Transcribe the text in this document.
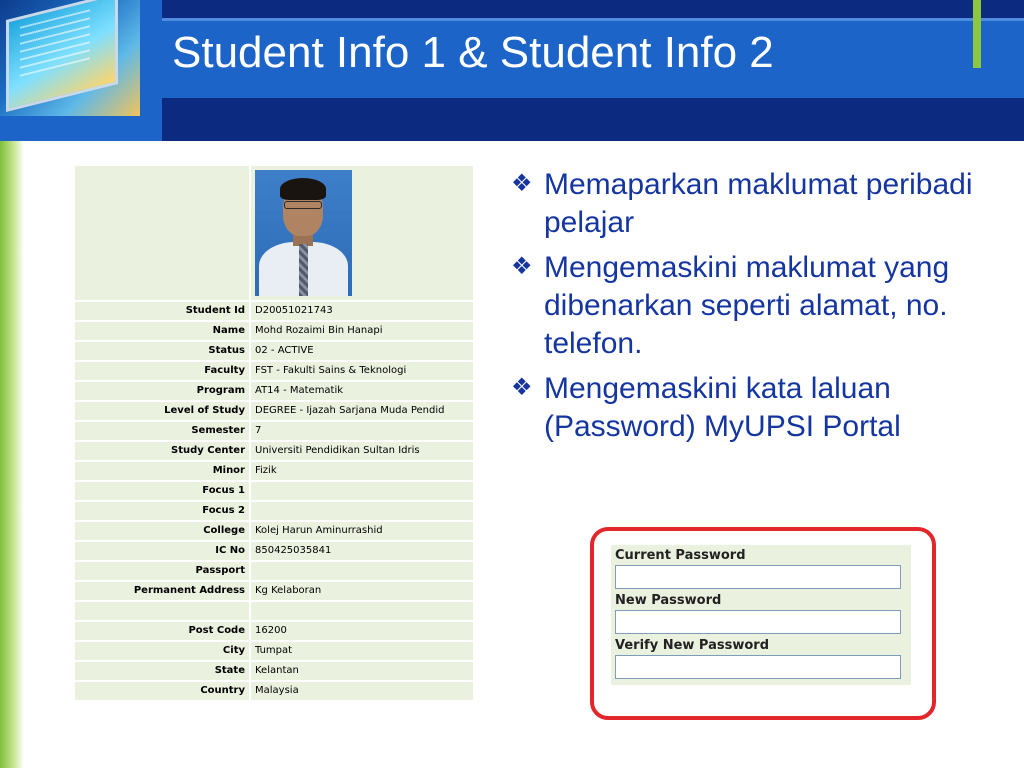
Student Info 1 & Student Info 2
Student Id	D20051021743
Name	Mohd Rozaimi Bin Hanapi
Status	02 - ACTIVE
Faculty	FST - Fakulti Sains & Teknologi
Program	AT14 - Matematik
Level of Study	DEGREE - Ijazah Sarjana Muda Pendid
Semester	7
Study Center	Universiti Pendidikan Sultan Idris
Minor	Fizik
Focus 1
Focus 2
College	Kolej Harun Aminurrashid
IC No	850425035841
Passport
Permanent Address	Kg Kelaboran
Post Code	16200
City	Tumpat
State	Kelantan
Country	Malaysia
❖ Memaparkan maklumat peribadi pelajar
❖ Mengemaskini maklumat yang dibenarkan seperti alamat, no. telefon.
❖ Mengemaskini kata laluan (Password) MyUPSI Portal
Current Password
New Password
Verify New Password
